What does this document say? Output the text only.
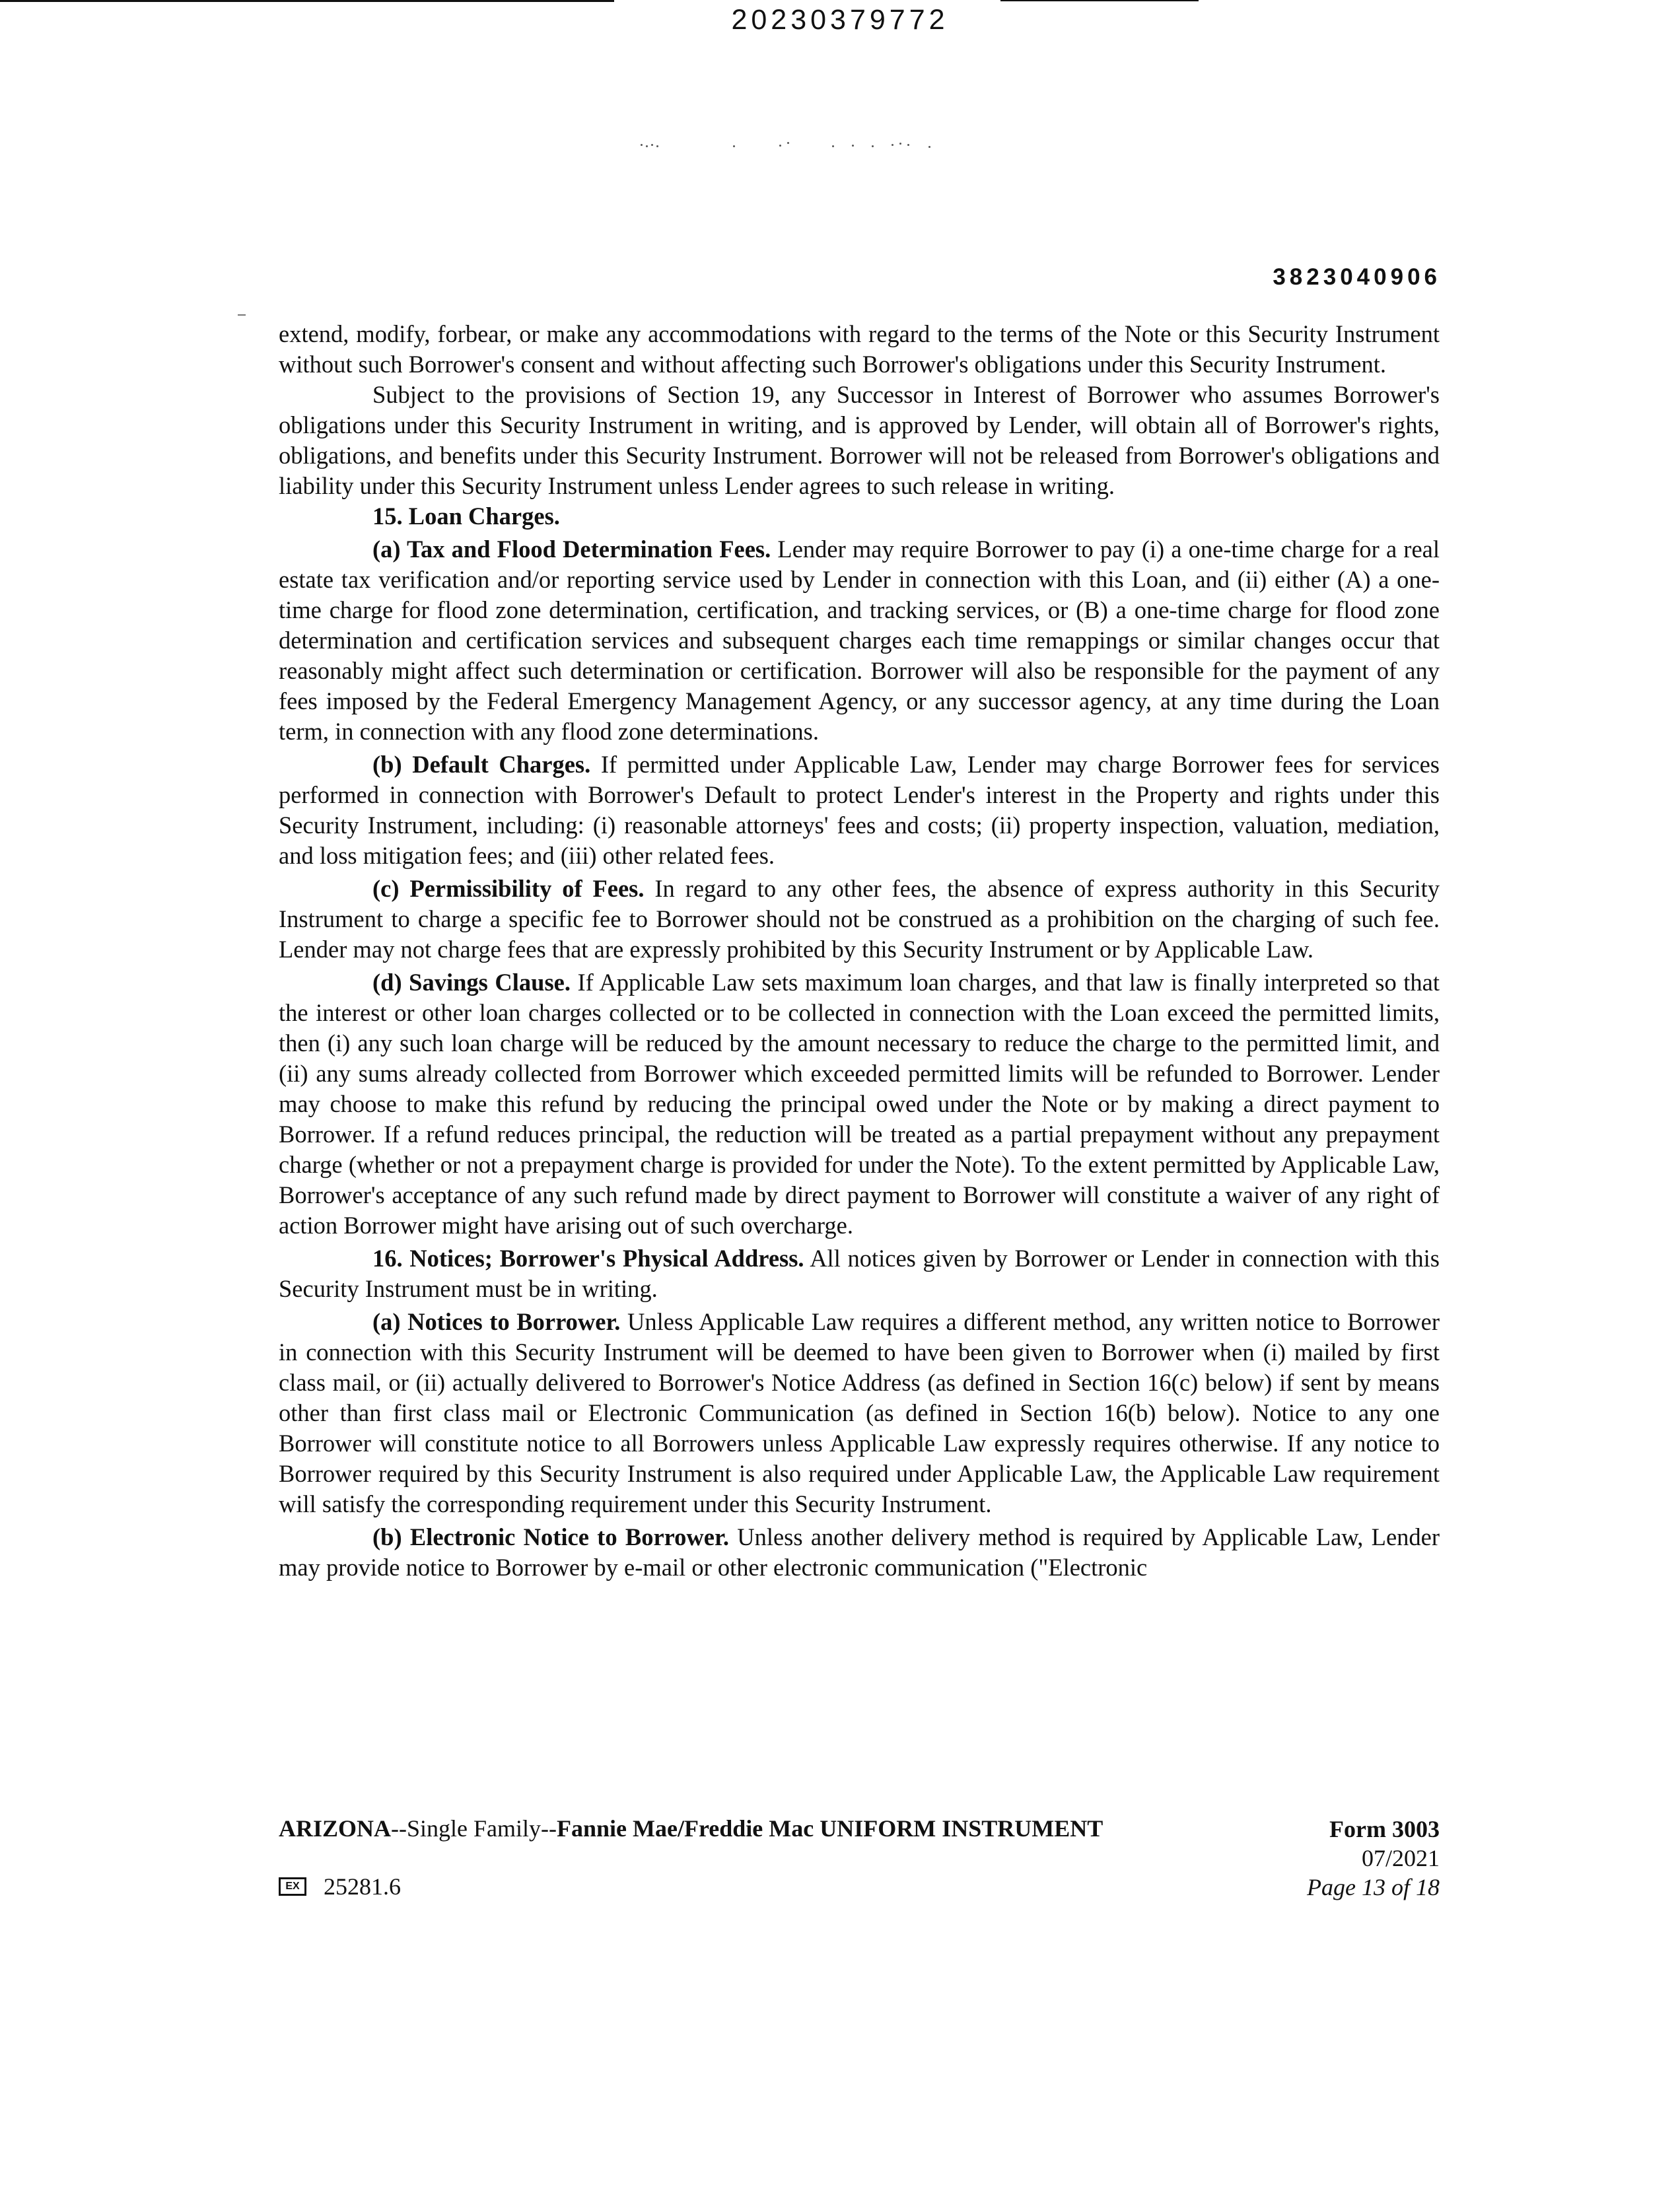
20230379772
3823040906

extend, modify, forbear, or make any accommodations with regard to the terms of the Note or this Security Instrument without such Borrower's consent and without affecting such Borrower's obligations under this Security Instrument.

Subject to the provisions of Section 19, any Successor in Interest of Borrower who assumes Borrower's obligations under this Security Instrument in writing, and is approved by Lender, will obtain all of Borrower's rights, obligations, and benefits under this Security Instrument. Borrower will not be released from Borrower's obligations and liability under this Security Instrument unless Lender agrees to such release in writing.

15. Loan Charges.

(a) Tax and Flood Determination Fees. Lender may require Borrower to pay (i) a one-time charge for a real estate tax verification and/or reporting service used by Lender in connection with this Loan, and (ii) either (A) a one-time charge for flood zone determination, certification, and tracking services, or (B) a one-time charge for flood zone determination and certification services and subsequent charges each time remappings or similar changes occur that reasonably might affect such determination or certification. Borrower will also be responsible for the payment of any fees imposed by the Federal Emergency Management Agency, or any successor agency, at any time during the Loan term, in connection with any flood zone determinations.

(b) Default Charges. If permitted under Applicable Law, Lender may charge Borrower fees for services performed in connection with Borrower's Default to protect Lender's interest in the Property and rights under this Security Instrument, including: (i) reasonable attorneys' fees and costs; (ii) property inspection, valuation, mediation, and loss mitigation fees; and (iii) other related fees.

(c) Permissibility of Fees. In regard to any other fees, the absence of express authority in this Security Instrument to charge a specific fee to Borrower should not be construed as a prohibition on the charging of such fee. Lender may not charge fees that are expressly prohibited by this Security Instrument or by Applicable Law.

(d) Savings Clause. If Applicable Law sets maximum loan charges, and that law is finally interpreted so that the interest or other loan charges collected or to be collected in connection with the Loan exceed the permitted limits, then (i) any such loan charge will be reduced by the amount necessary to reduce the charge to the permitted limit, and (ii) any sums already collected from Borrower which exceeded permitted limits will be refunded to Borrower. Lender may choose to make this refund by reducing the principal owed under the Note or by making a direct payment to Borrower. If a refund reduces principal, the reduction will be treated as a partial prepayment without any prepayment charge (whether or not a prepayment charge is provided for under the Note). To the extent permitted by Applicable Law, Borrower's acceptance of any such refund made by direct payment to Borrower will constitute a waiver of any right of action Borrower might have arising out of such overcharge.

16. Notices; Borrower's Physical Address. All notices given by Borrower or Lender in connection with this Security Instrument must be in writing.

(a) Notices to Borrower. Unless Applicable Law requires a different method, any written notice to Borrower in connection with this Security Instrument will be deemed to have been given to Borrower when (i) mailed by first class mail, or (ii) actually delivered to Borrower's Notice Address (as defined in Section 16(c) below) if sent by means other than first class mail or Electronic Communication (as defined in Section 16(b) below). Notice to any one Borrower will constitute notice to all Borrowers unless Applicable Law expressly requires otherwise. If any notice to Borrower required by this Security Instrument is also required under Applicable Law, the Applicable Law requirement will satisfy the corresponding requirement under this Security Instrument.

(b) Electronic Notice to Borrower. Unless another delivery method is required by Applicable Law, Lender may provide notice to Borrower by e-mail or other electronic communication ("Electronic

ARIZONA--Single Family--Fannie Mae/Freddie Mac UNIFORM INSTRUMENT	Form 3003
07/2021
Page 13 of 18
EX 25281.6
